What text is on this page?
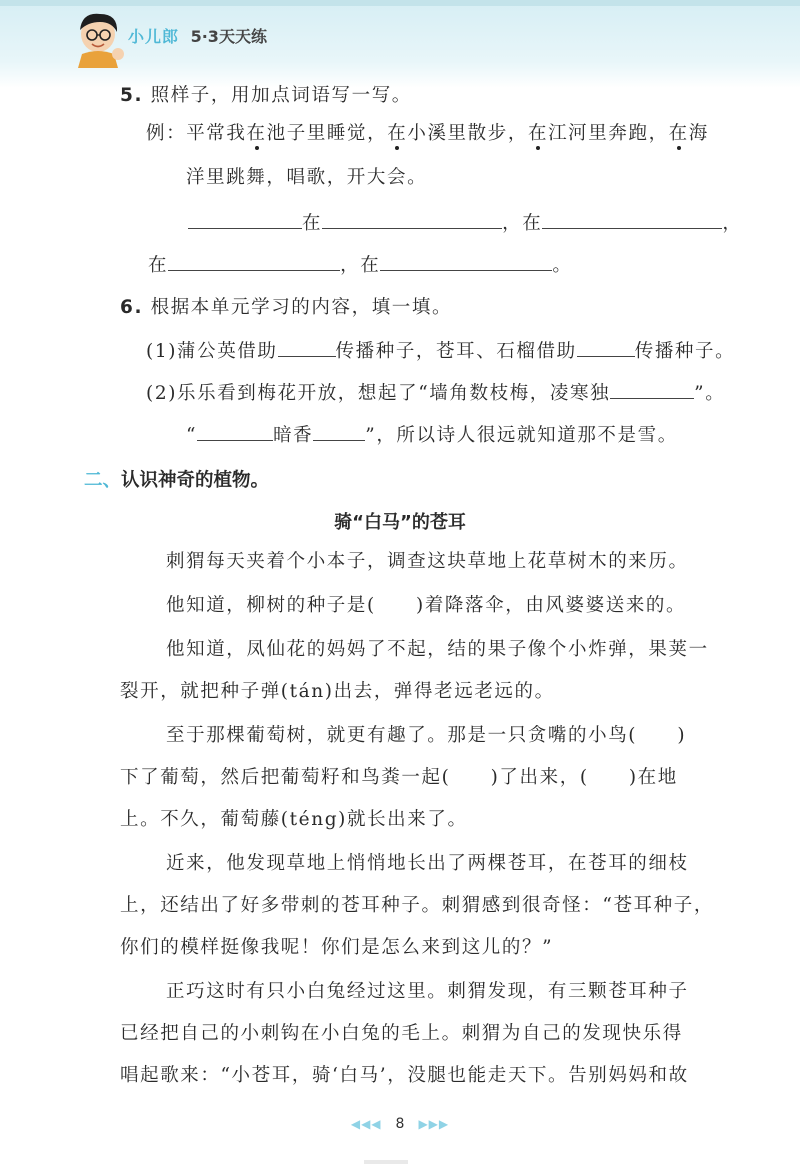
小儿郎 5·3天天练
5. 照样子，用加点词语写一写。
例：平常我在池子里睡觉，在小溪里散步，在江河里奔跑，在海
洋里跳舞，唱歌，开大会。
在	，在	，
在	，在	。
6. 根据本单元学习的内容，填一填。
(1)蒲公英借助	传播种子，苍耳、石榴借助	传播种子。
(2)乐乐看到梅花开放，想起了“墙角数枝梅，凌寒独	”。
“	暗香	”，所以诗人很远就知道那不是雪。
二、认识神奇的植物。
骑“白马”的苍耳
刺猬每天夹着个小本子，调查这块草地上花草树木的来历。
他知道，柳树的种子是(　　)着降落伞，由风婆婆送来的。
他知道，凤仙花的妈妈了不起，结的果子像个小炸弹，果荚一
裂开，就把种子弹(tán)出去，弹得老远老远的。
至于那棵葡萄树，就更有趣了。那是一只贪嘴的小鸟(　　)
下了葡萄，然后把葡萄籽和鸟粪一起(　　)了出来，(　　)在地
上。不久，葡萄藤(téng)就长出来了。
近来，他发现草地上悄悄地长出了两棵苍耳，在苍耳的细枝
上，还结出了好多带刺的苍耳种子。刺猬感到很奇怪：“苍耳种子，
你们的模样挺像我呢！你们是怎么来到这儿的？”
正巧这时有只小白兔经过这里。刺猬发现，有三颗苍耳种子
已经把自己的小刺钩在小白兔的毛上。刺猬为自己的发现快乐得
唱起歌来：“小苍耳，骑‘白马’，没腿也能走天下。告别妈妈和故
◀◀◀ 8 ▶▶▶
